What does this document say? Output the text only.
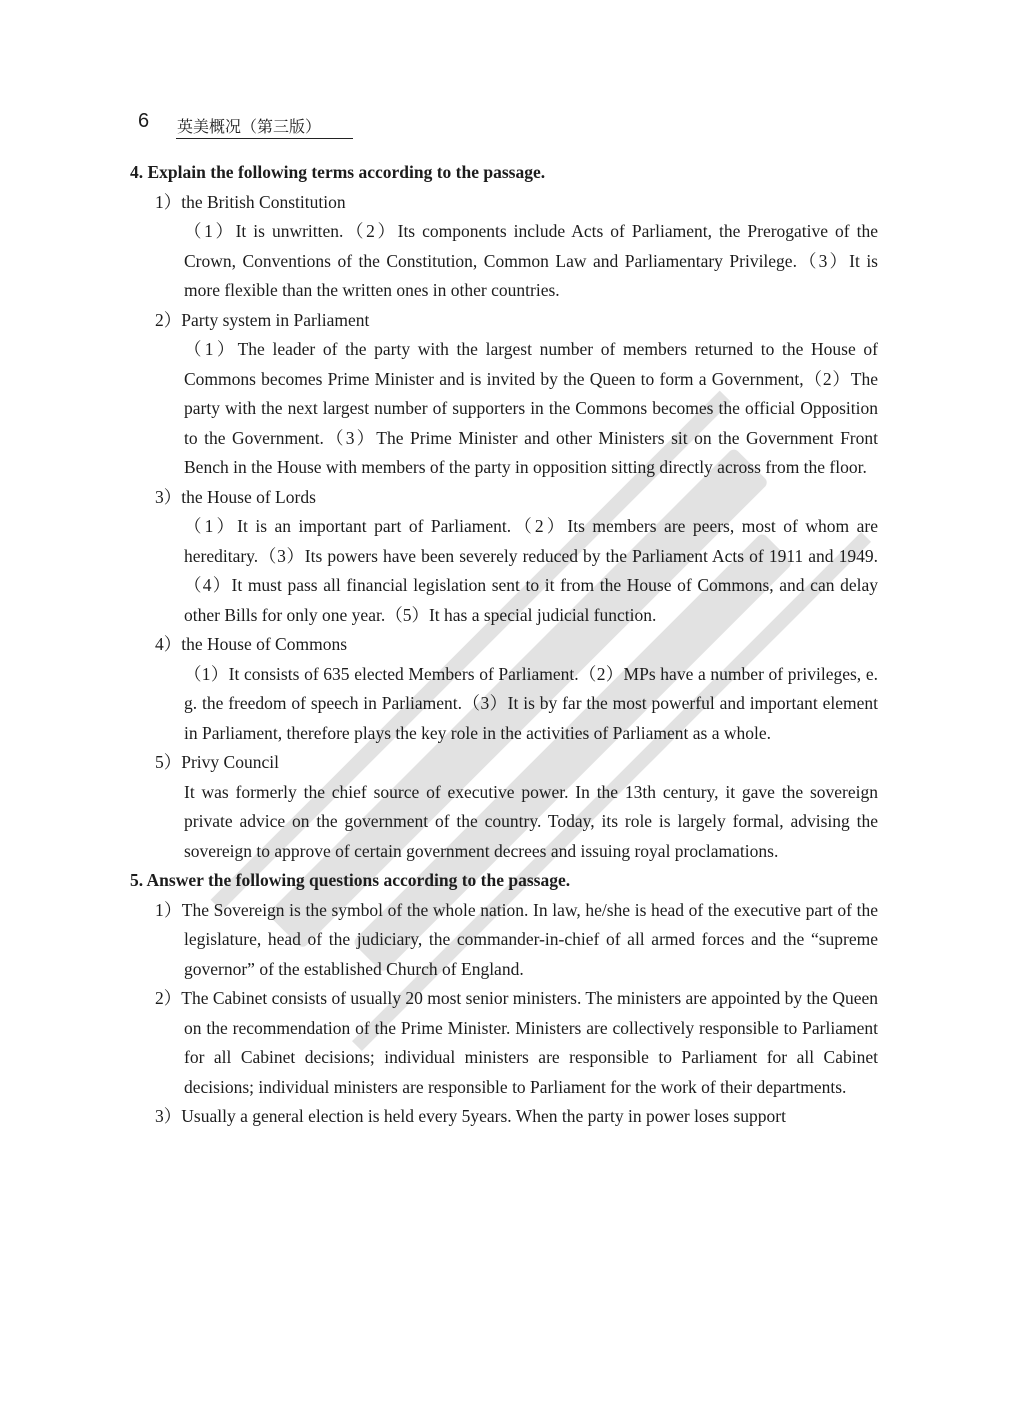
6 英美概况（第三版）
4. Explain the following terms according to the passage.
1）the British Constitution
（1）It is unwritten.（2）Its components include Acts of Parliament, the Prerogative of the Crown, Conventions of the Constitution, Common Law and Parliamentary Privilege.（3）It is more flexible than the written ones in other countries.
2）Party system in Parliament
（1）The leader of the party with the largest number of members returned to the House of Commons becomes Prime Minister and is invited by the Queen to form a Government,（2）The party with the next largest number of supporters in the Commons becomes the official Opposition to the Government.（3）The Prime Minister and other Ministers sit on the Government Front Bench in the House with members of the party in opposition sitting directly across from the floor.
3）the House of Lords
（1）It is an important part of Parliament.（2）Its members are peers, most of whom are hereditary.（3）Its powers have been severely reduced by the Parliament Acts of 1911 and 1949.（4）It must pass all financial legislation sent to it from the House of Commons, and can delay other Bills for only one year.（5）It has a special judicial function.
4）the House of Commons
（1）It consists of 635 elected Members of Parliament.（2）MPs have a number of privileges, e. g. the freedom of speech in Parliament.（3）It is by far the most powerful and important element in Parliament, therefore plays the key role in the activities of Parliament as a whole.
5）Privy Council
It was formerly the chief source of executive power. In the 13th century, it gave the sovereign private advice on the government of the country. Today, its role is largely formal, advising the sovereign to approve of certain government decrees and issuing royal proclamations.
5. Answer the following questions according to the passage.
1）The Sovereign is the symbol of the whole nation. In law, he/she is head of the executive part of the legislature, head of the judiciary, the commander-in-chief of all armed forces and the “supreme governor” of the established Church of England.
2）The Cabinet consists of usually 20 most senior ministers. The ministers are appointed by the Queen on the recommendation of the Prime Minister. Ministers are collectively responsible to Parliament for all Cabinet decisions; individual ministers are responsible to Parliament for all Cabinet decisions; individual ministers are responsible to Parliament for the work of their departments.
3）Usually a general election is held every 5years. When the party in power loses support
